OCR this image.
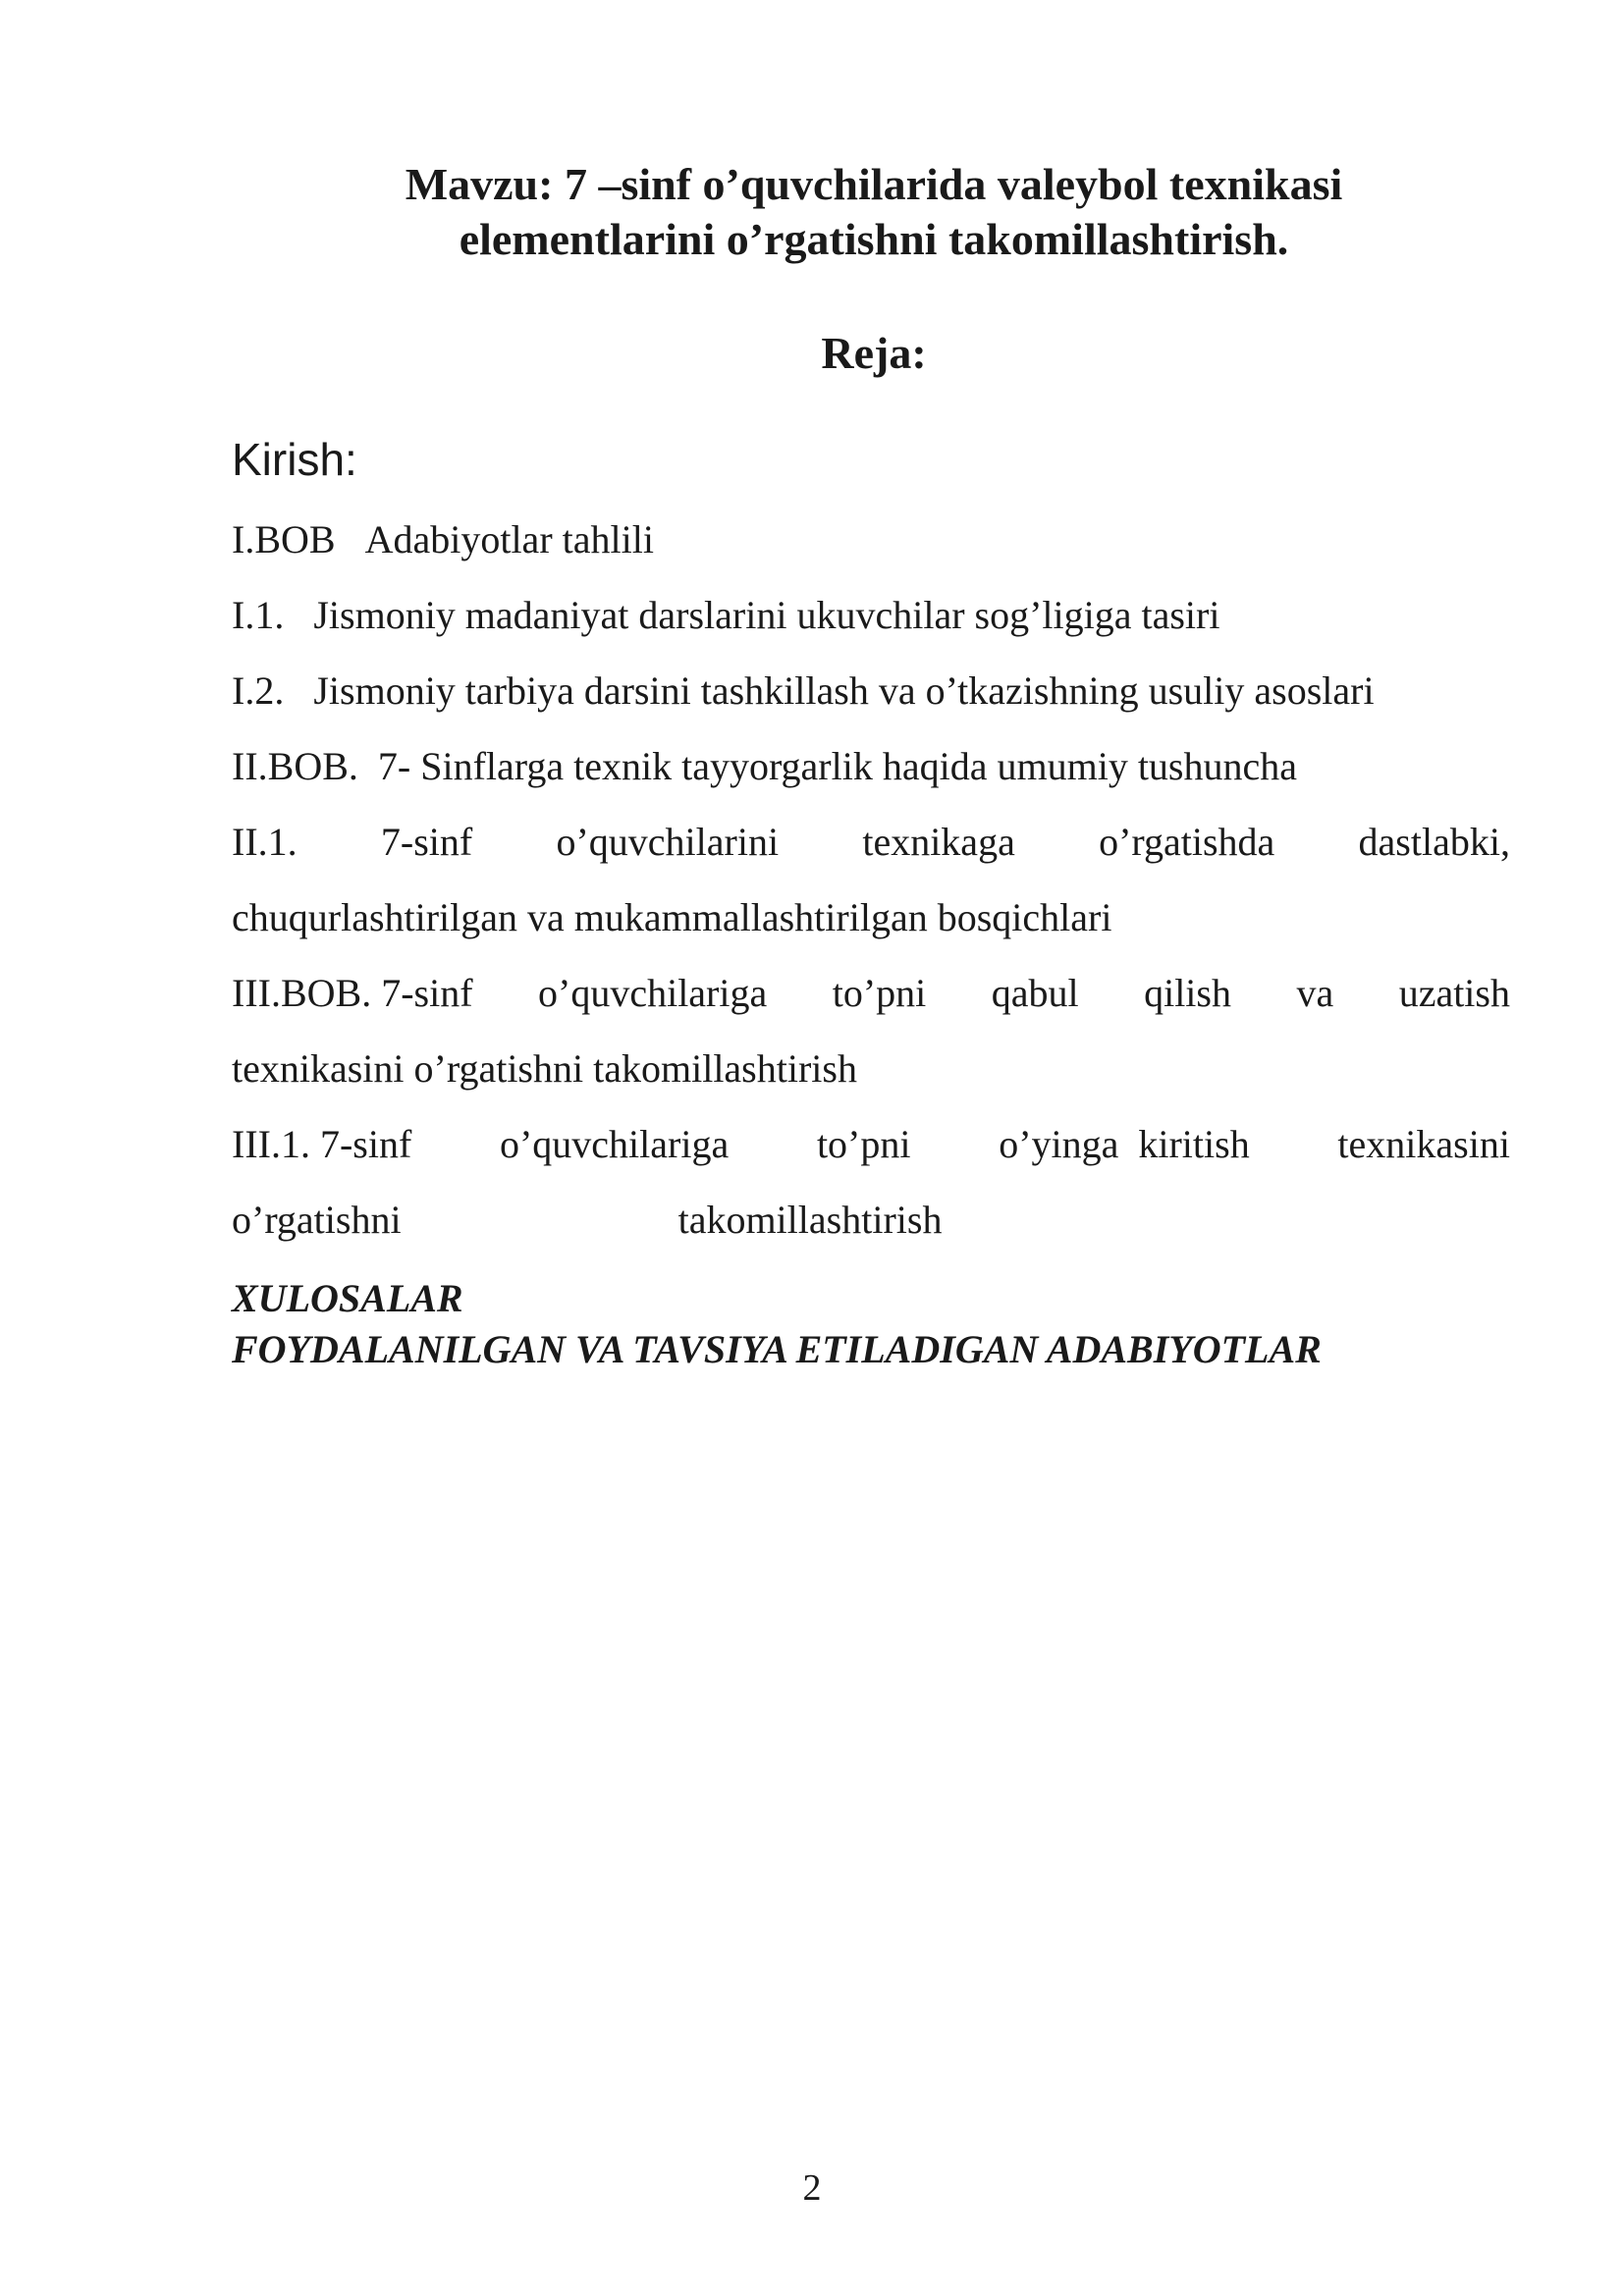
Mavzu: 7 –sinf o’quvchilarida valeybol texnikasi

elementlarini o’rgatishni takomillashtirish.

Reja:

Kirish:

I.BOB Adabiyotlar tahlili

I.1. Jismoniy madaniyat darslarini ukuvchilar sog’ligiga tasiri

I.2. Jismoniy tarbiya darsini tashkillash va o’tkazishning usuliy asoslari

II.BOB. 7- Sinflarga texnik tayyorgarlik haqida umumiy tushuncha

II.1. 7-sinf o’quvchilarini texnikaga o’rgatishda dastlabki,

chuqurlashtirilgan va mukammallashtirilgan bosqichlari

III.BOB. 7-sinf o’quvchilariga to’pni qabul qilish va uzatish

texnikasini o’rgatishni takomillashtirish

III.1. 7-sinf o’quvchilariga to’pni o’yinga  kiritish texnikasini

o’rgatishni	takomillashtirish

XULOSALAR

FOYDALANILGAN VA TAVSIYA ETILADIGAN ADABIYOTLAR

2
